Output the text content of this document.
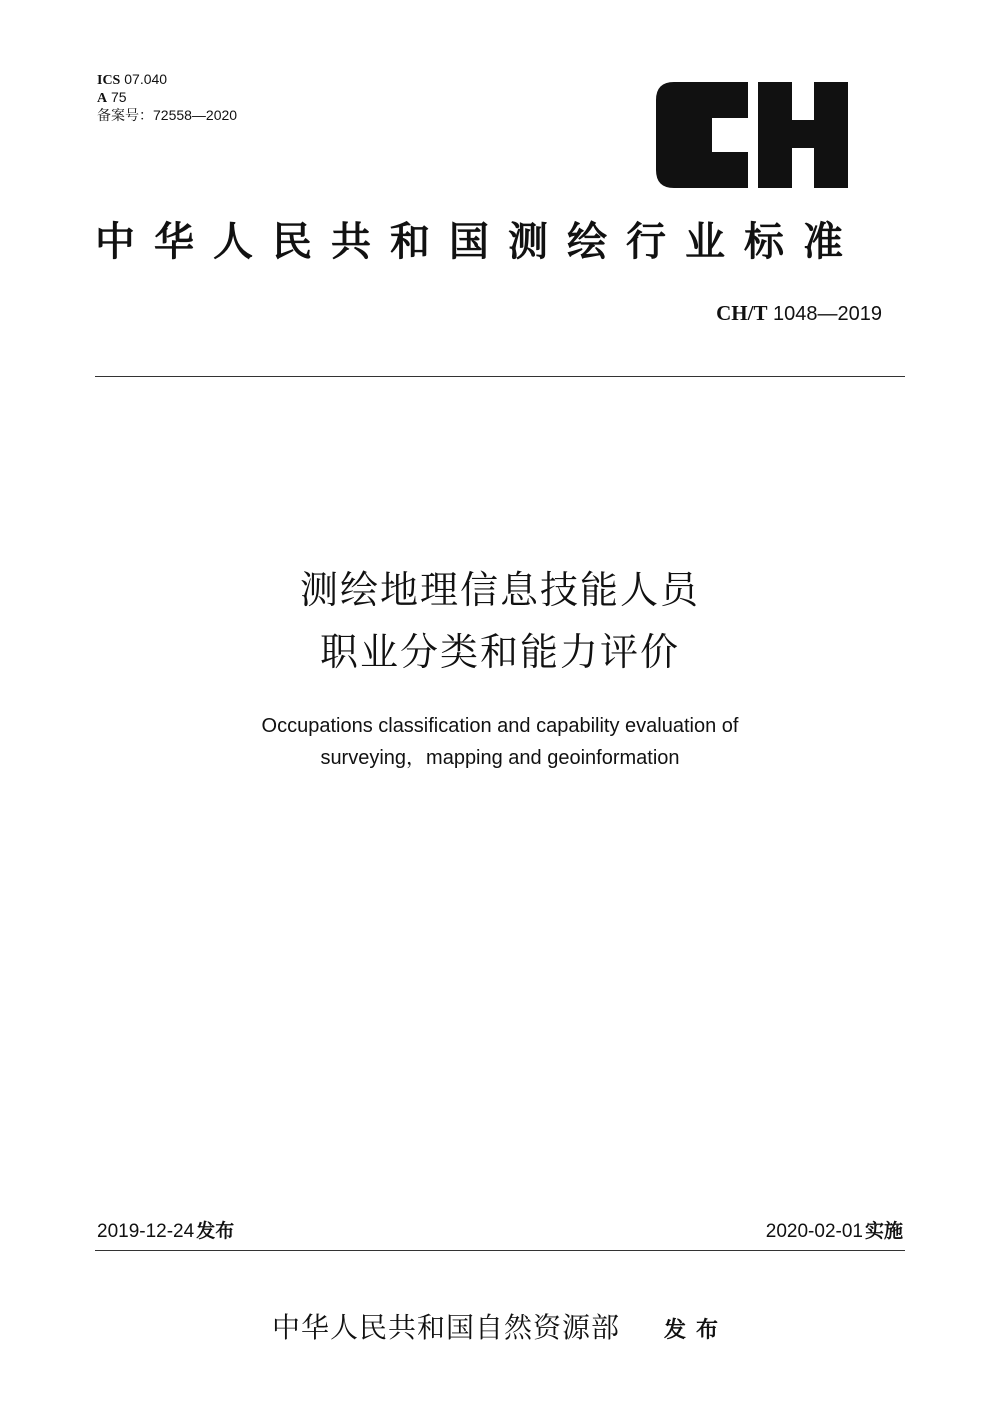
ICS 07.040
A 75
备案号：72558—2020
中华人民共和国测绘行业标准
CH/T 1048—2019
测绘地理信息技能人员
职业分类和能力评价
Occupations classification and capability evaluation of
surveying，mapping and geoinformation
2019-12-24 发布	2020-02-01 实施
中华人民共和国自然资源部 发布
